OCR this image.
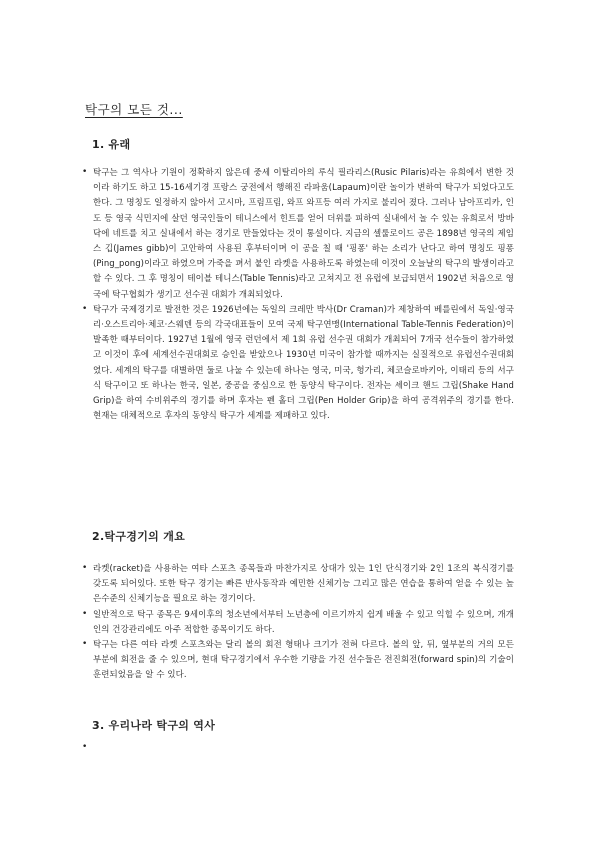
탁구의 모든 것...
1. 유래
• 탁구는 그 역사나 기원이 정확하지 않은데 중세 이탈리아의 루식 필라리스(Rusic Pilaris)라는 유희에서 변한 것이라 하기도 하고 15-16세기경 프랑스 궁전에서 행해진 라파움(Lapaum)이란 놀이가 변하여 탁구가 되었다고도 한다. 그 명칭도 일정하지 않아서 고시마, 프림프림, 와프 와프등 여러 가지로 불리어 졌다. 그러나 남아프리카, 인도 등 영국 식민지에 살던 영국인들이 테니스에서 힌트를 얻어 더위를 피하여 실내에서 놀 수 있는 유희로서 방바닥에 네트를 치고 실내에서 하는 경기로 만들었다는 것이 통설이다. 지금의 셀룰로이드 공은 1898년 영국의 제임스 깁(James gibb)이 고안하여 사용된 후부터이며 이 공을 칠 때 '핑퐁' 하는 소리가 난다고 하여 명칭도 핑퐁(Ping_pong)이라고 하였으며 가죽을 펴서 붙인 라켓을 사용하도록 하였는데 이것이 오늘날의 탁구의 발생이라고 할 수 있다. 그 후 명칭이 테이블 테니스(Table Tennis)라고 고쳐지고 전 유럽에 보급되면서 1902년 처음으로 영국에 탁구협회가 생기고 선수권 대회가 개최되었다.
• 탁구가 국제경기로 발전한 것은 1926년에는 독일의 크레만 박사(Dr Craman)가 제창하여 베를린에서 독일·영국 리·오스트리아·체코·스웨덴 등의 각국대표들이 모여 국제 탁구연맹(International Table-Tennis Federation)이 발족한 때부터이다. 1927년 1월에 영국 런던에서 제 1회 유럽 선수권 대회가 개최되어 7개국 선수들이 참가하였고 이것이 후에 세계선수권대회로 승인을 받았으나 1930년 미국이 참가할 때까지는 실질적으로 유럽선수권대회였다. 세계의 탁구를 대별하면 둘로 나눌 수 있는데 하나는 영국, 미국, 헝가리, 체코슬로바키아, 이태리 등의 서구식 탁구이고 또 하나는 한국, 일본, 중공을 중심으로 한 동양식 탁구이다. 전자는 셰이크 핸드 그립(Shake Hand Grip)을 하여 수비위주의 경기를 하며 후자는 펜 홀더 그립(Pen Holder Grip)을 하여 공격위주의 경기를 한다. 현재는 대체적으로 후자의 동양식 탁구가 세계를 제패하고 있다.
2.탁구경기의 개요
• 라켓(racket)을 사용하는 여타 스포츠 종목들과 마찬가지로 상대가 있는 1인 단식경기와 2인 1조의 복식경기를 갖도록 되어있다. 또한 탁구 경기는 빠른 반사동작과 예민한 신체기능 그리고 많은 연습을 통하여 얻을 수 있는 높은수준의 신체기능을 필요로 하는 경기이다.
• 일반적으로 탁구 종목은 9세이후의 청소년에서부터 노년층에 이르기까지 쉽게 배울 수 있고 익힐 수 있으며, 개개인의 건강관리에도 아주 적합한 종목이기도 하다.
• 탁구는 다른 여타 라켓 스포츠와는 달리 볼의 회전 형태나 크기가 전혀 다르다. 볼의 앞, 뒤, 옆부분의 거의 모든 부분에 회전을 줄 수 있으며, 현대 탁구경기에서 우수한 기량을 가진 선수들은 전진회전(forward spin)의 기술이 훈련되었음을 알 수 있다.
3. 우리나라 탁구의 역사
•
